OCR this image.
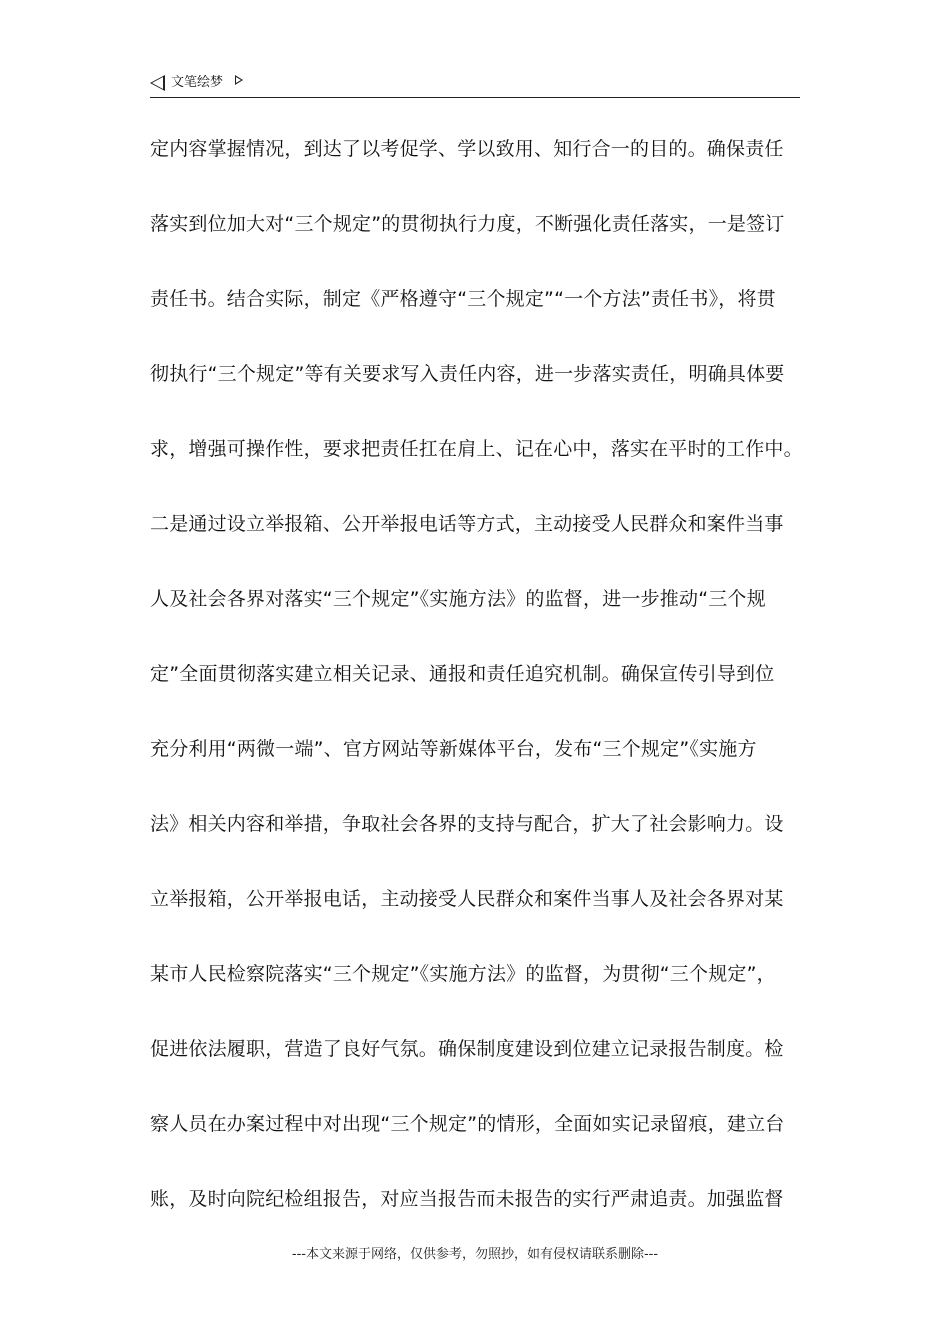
文笔绘梦
定内容掌握情况，到达了以考促学、学以致用、知行合一的目的。确保责任
落实到位加大对“三个规定”的贯彻执行力度，不断强化责任落实，一是签订
责任书。结合实际，制定《严格遵守“三个规定”“一个方法”责任书》，将贯
彻执行“三个规定”等有关要求写入责任内容，进一步落实责任，明确具体要
求，增强可操作性，要求把责任扛在肩上、记在心中，落实在平时的工作中。
二是通过设立举报箱、公开举报电话等方式，主动接受人民群众和案件当事
人及社会各界对落实“三个规定”《实施方法》的监督，进一步推动“三个规
定”全面贯彻落实建立相关记录、通报和责任追究机制。确保宣传引导到位
充分利用“两微一端”、官方网站等新媒体平台，发布“三个规定”《实施方
法》相关内容和举措，争取社会各界的支持与配合，扩大了社会影响力。设
立举报箱，公开举报电话，主动接受人民群众和案件当事人及社会各界对某
某市人民检察院落实“三个规定”《实施方法》的监督，为贯彻“三个规定”，
促进依法履职，营造了良好气氛。确保制度建设到位建立记录报告制度。检
察人员在办案过程中对出现“三个规定”的情形，全面如实记录留痕，建立台
账，及时向院纪检组报告，对应当报告而未报告的实行严肃追责。加强监督
---本文来源于网络，仅供参考，勿照抄，如有侵权请联系删除---
